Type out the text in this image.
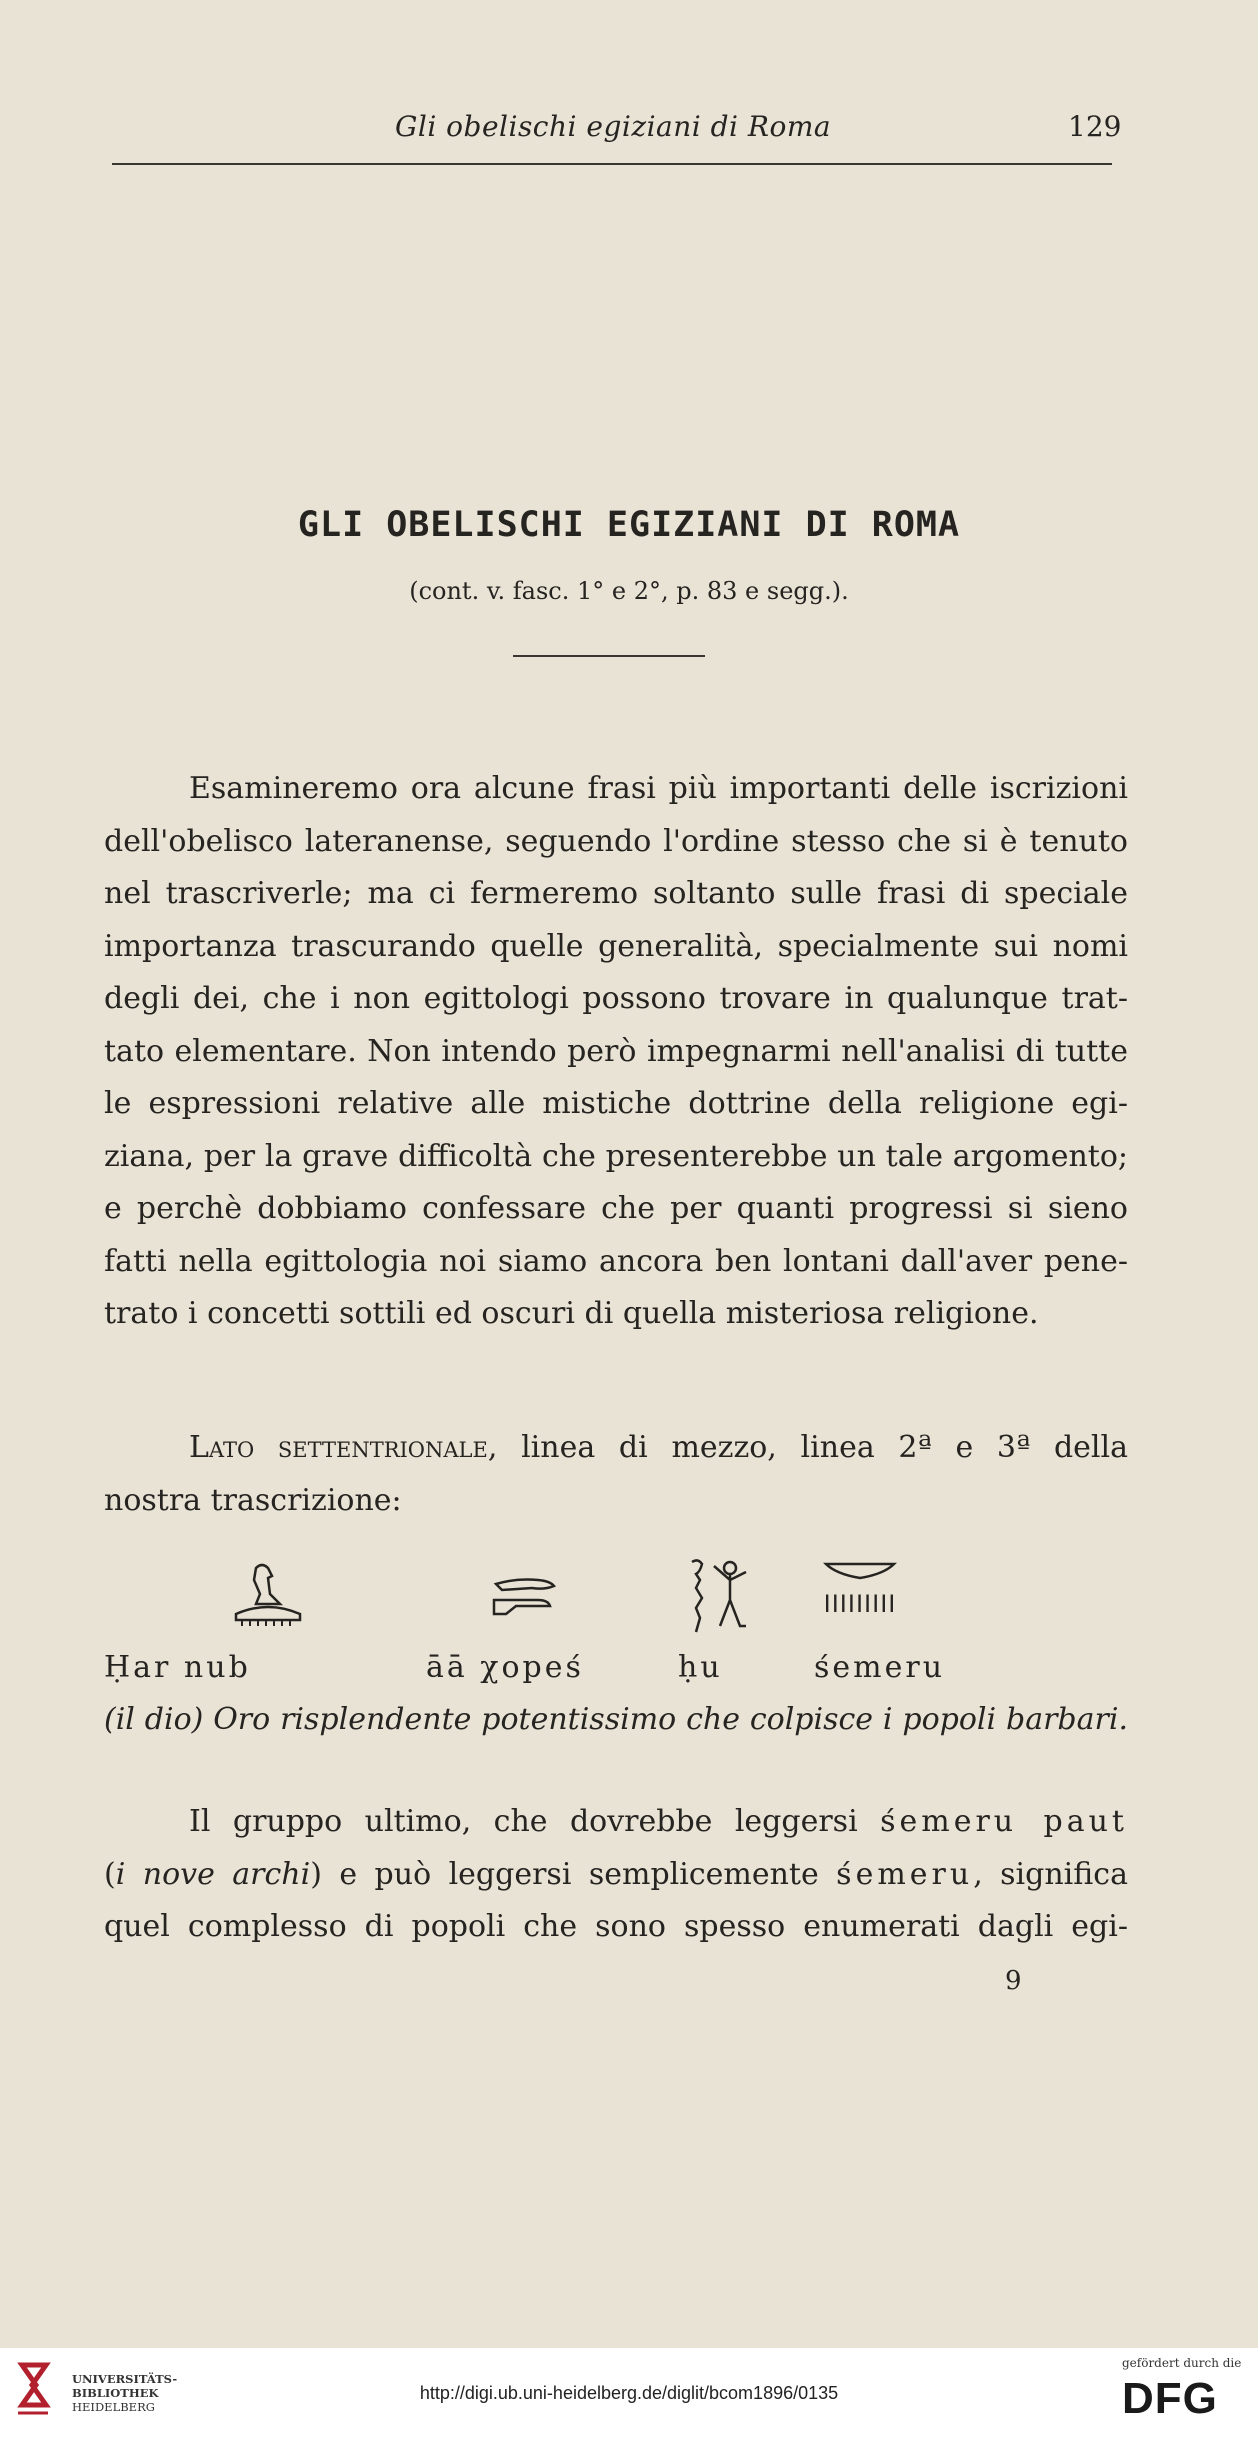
Gli obelischi egiziani di Roma	129
GLI OBELISCHI EGIZIANI DI ROMA
(cont. v. fasc. 1° e 2°, p. 83 e segg.).
Esamineremo ora alcune frasi più importanti delle iscrizioni
dell'obelisco lateranense, seguendo l'ordine stesso che si è tenuto
nel trascriverle; ma ci fermeremo soltanto sulle frasi di speciale
importanza trascurando quelle generalità, specialmente sui nomi
degli dei, che i non egittologi possono trovare in qualunque trat-
tato elementare. Non intendo però impegnarmi nell'analisi di tutte
le espressioni relative alle mistiche dottrine della religione egi-
ziana, per la grave difficoltà che presenterebbe un tale argomento;
e perchè dobbiamo confessare che per quanti progressi si sieno
fatti nella egittologia noi siamo ancora ben lontani dall'aver pene-
trato i concetti sottili ed oscuri di quella misteriosa religione.
Lato settentrionale, linea di mezzo, linea 2ª e 3ª della
nostra trascrizione:
IIIIIIIII
Ḥar nub	āā χopeś	ḥu	śemeru
(il dio) Oro risplendente potentissimo che colpisce i popoli barbari.
Il gruppo ultimo, che dovrebbe leggersi śemeru paut
(i nove archi) e può leggersi semplicemente śemeru, significa
quel complesso di popoli che sono spesso enumerati dagli egi-
9
UNIVERSITÄTS-
BIBLIOTHEK
HEIDELBERG
http://digi.ub.uni-heidelberg.de/diglit/bcom1896/0135
gefördert durch die
DFG
